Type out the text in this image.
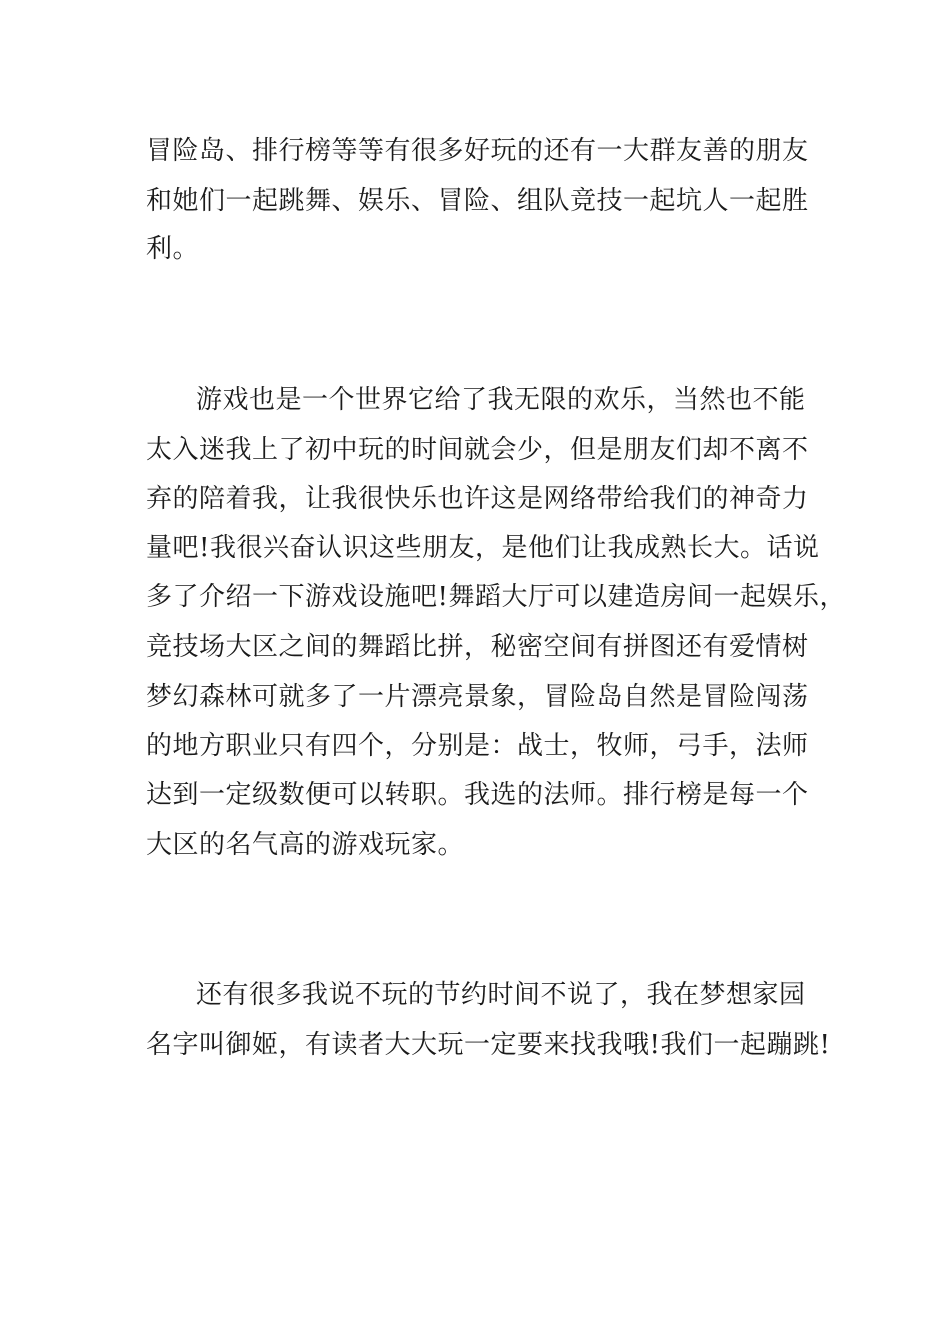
冒险岛、排行榜等等有很多好玩的还有一大群友善的朋友
和她们一起跳舞、娱乐、冒险、组队竞技一起坑人一起胜
利。
游戏也是一个世界它给了我无限的欢乐，当然也不能
太入迷我上了初中玩的时间就会少，但是朋友们却不离不
弃的陪着我，让我很快乐也许这是网络带给我们的神奇力
量吧!我很兴奋认识这些朋友，是他们让我成熟长大。话说
多了介绍一下游戏设施吧!舞蹈大厅可以建造房间一起娱乐，
竞技场大区之间的舞蹈比拼，秘密空间有拼图还有爱情树
梦幻森林可就多了一片漂亮景象，冒险岛自然是冒险闯荡
的地方职业只有四个，分别是：战士，牧师，弓手，法师
达到一定级数便可以转职。我选的法师。排行榜是每一个
大区的名气高的游戏玩家。
还有很多我说不玩的节约时间不说了，我在梦想家园
名字叫御姬，有读者大大玩一定要来找我哦!我们一起蹦跳!
